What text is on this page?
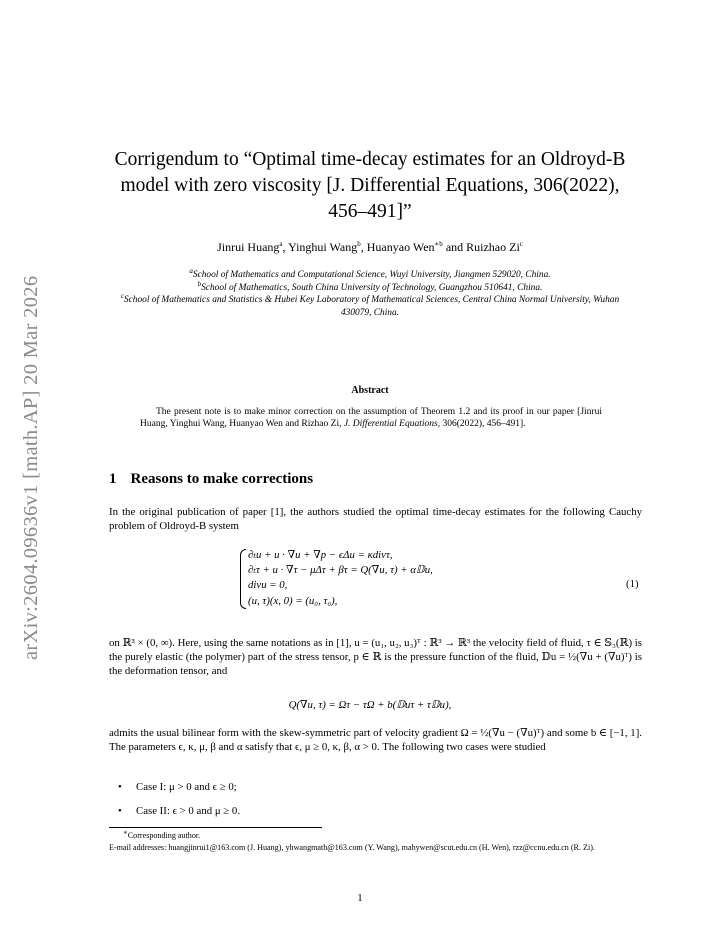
arXiv:2604.09636v1 [math.AP] 20 Mar 2026
Corrigendum to “Optimal time-decay estimates for an Oldroyd-B
model with zero viscosity [J. Differential Equations, 306(2022),
456–491]”
Jinrui Huang$^a$, Yinghui Wang$^b$, Huanyao Wen$^{∗b}$ and Ruizhao Zi$^c$
$^a$School of Mathematics and Computational Science, Wuyi University, Jiangmen 529020, China.
$^b$School of Mathematics, South China University of Technology, Guangzhou 510641, China.
$^c$School of Mathematics and Statistics & Hubei Key Laboratory of Mathematical Sciences, Central China Normal University, Wuhan 430079, China.
Abstract
The present note is to make minor correction on the assumption of Theorem 1.2 and its proof in our paper [Jinrui Huang, Yinghui Wang, Huanyao Wen and Rizhao Zi, J. Differential Equations, 306(2022), 456–491].
1 Reasons to make corrections
In the original publication of paper [1], the authors studied the optimal time-decay estimates for the following Cauchy problem of Oldroyd-B system
∂ₜu + u · ∇u + ∇p − ϵΔu = κdivτ,
∂ₜτ + u · ∇τ − μΔτ + βτ = Q(∇u, τ) + α𝔻u,
divu = 0,
(u, τ)(x, 0) = (u₀, τ₀),
(1)
on ℝ³ × (0, ∞). Here, using the same notations as in [1], u = (u₁, u₂, u₃)ᵀ : ℝ³ → ℝ³ the velocity field of fluid, τ ∈ 𝕊₃(ℝ) is the purely elastic (the polymer) part of the stress tensor, p ∈ ℝ is the pressure function of the fluid, 𝔻u = ½(∇u + (∇u)ᵀ) is the deformation tensor, and
Q(∇u, τ) = Ωτ − τΩ + b(𝔻uτ + τ𝔻u),
admits the usual bilinear form with the skew-symmetric part of velocity gradient Ω = ½(∇u − (∇u)ᵀ) and some b ∈ [−1, 1]. The parameters ϵ, κ, μ, β and α satisfy that ϵ, μ ≥ 0, κ, β, α > 0. The following two cases were studied
• Case I: μ > 0 and ϵ ≥ 0;
• Case II: ϵ > 0 and μ ≥ 0.
∗Corresponding author.
E-mail addresses: huangjinrui1@163.com (J. Huang), yhwangmath@163.com (Y. Wang), mahywen@scut.edu.cn (H. Wen), rzz@ccnu.edu.cn (R. Zi).
1
